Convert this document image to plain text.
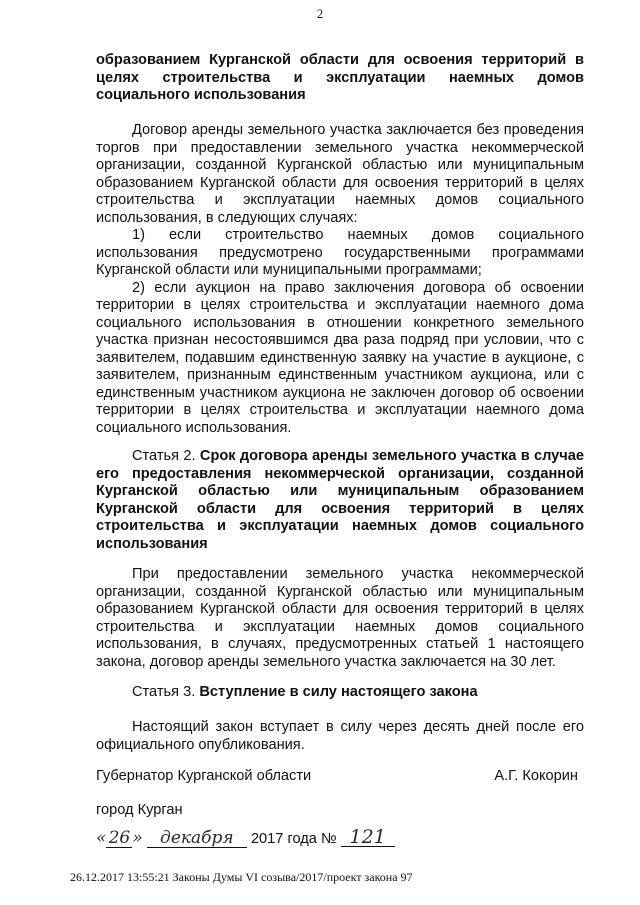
2
образованием Курганской области для освоения территорий в целях строительства и эксплуатации наемных домов социального использования

Договор аренды земельного участка заключается без проведения торгов при предоставлении земельного участка некоммерческой организации, созданной Курганской областью или муниципальным образованием Курганской области для освоения территорий в целях строительства и эксплуатации наемных домов социального использования, в следующих случаях:

1) если строительство наемных домов социального использования предусмотрено государственными программами Курганской области или муниципальными программами;

2) если аукцион на право заключения договора об освоении территории в целях строительства и эксплуатации наемного дома социального использования в отношении конкретного земельного участка признан несостоявшимся два раза подряд при условии, что с заявителем, подавшим единственную заявку на участие в аукционе, с заявителем, признанным единственным участником аукциона, или с единственным участником аукциона не заключен договор об освоении территории в целях строительства и эксплуатации наемного дома социального использования.

Статья 2. Срок договора аренды земельного участка в случае его предоставления некоммерческой организации, созданной Курганской областью или муниципальным образованием Курганской области для освоения территорий в целях строительства и эксплуатации наемных домов социального использования
При предоставлении земельного участка некоммерческой организации, созданной Курганской областью или муниципальным образованием Курганской области для освоения территорий в целях строительства и эксплуатации наемных домов социального использования, в случаях, предусмотренных статьей 1 настоящего закона, договор аренды земельного участка заключается на 30 лет.
Статья 3. Вступление в силу настоящего закона
Настоящий закон вступает в силу через десять дней после его официального опубликования.
Губернатор Курганской области	А.Г. Кокорин
город Курган
« 26 » декабря 2017 года № 121
26.12.2017 13:55:21 Законы Думы VI созыва/2017/проект закона 97
